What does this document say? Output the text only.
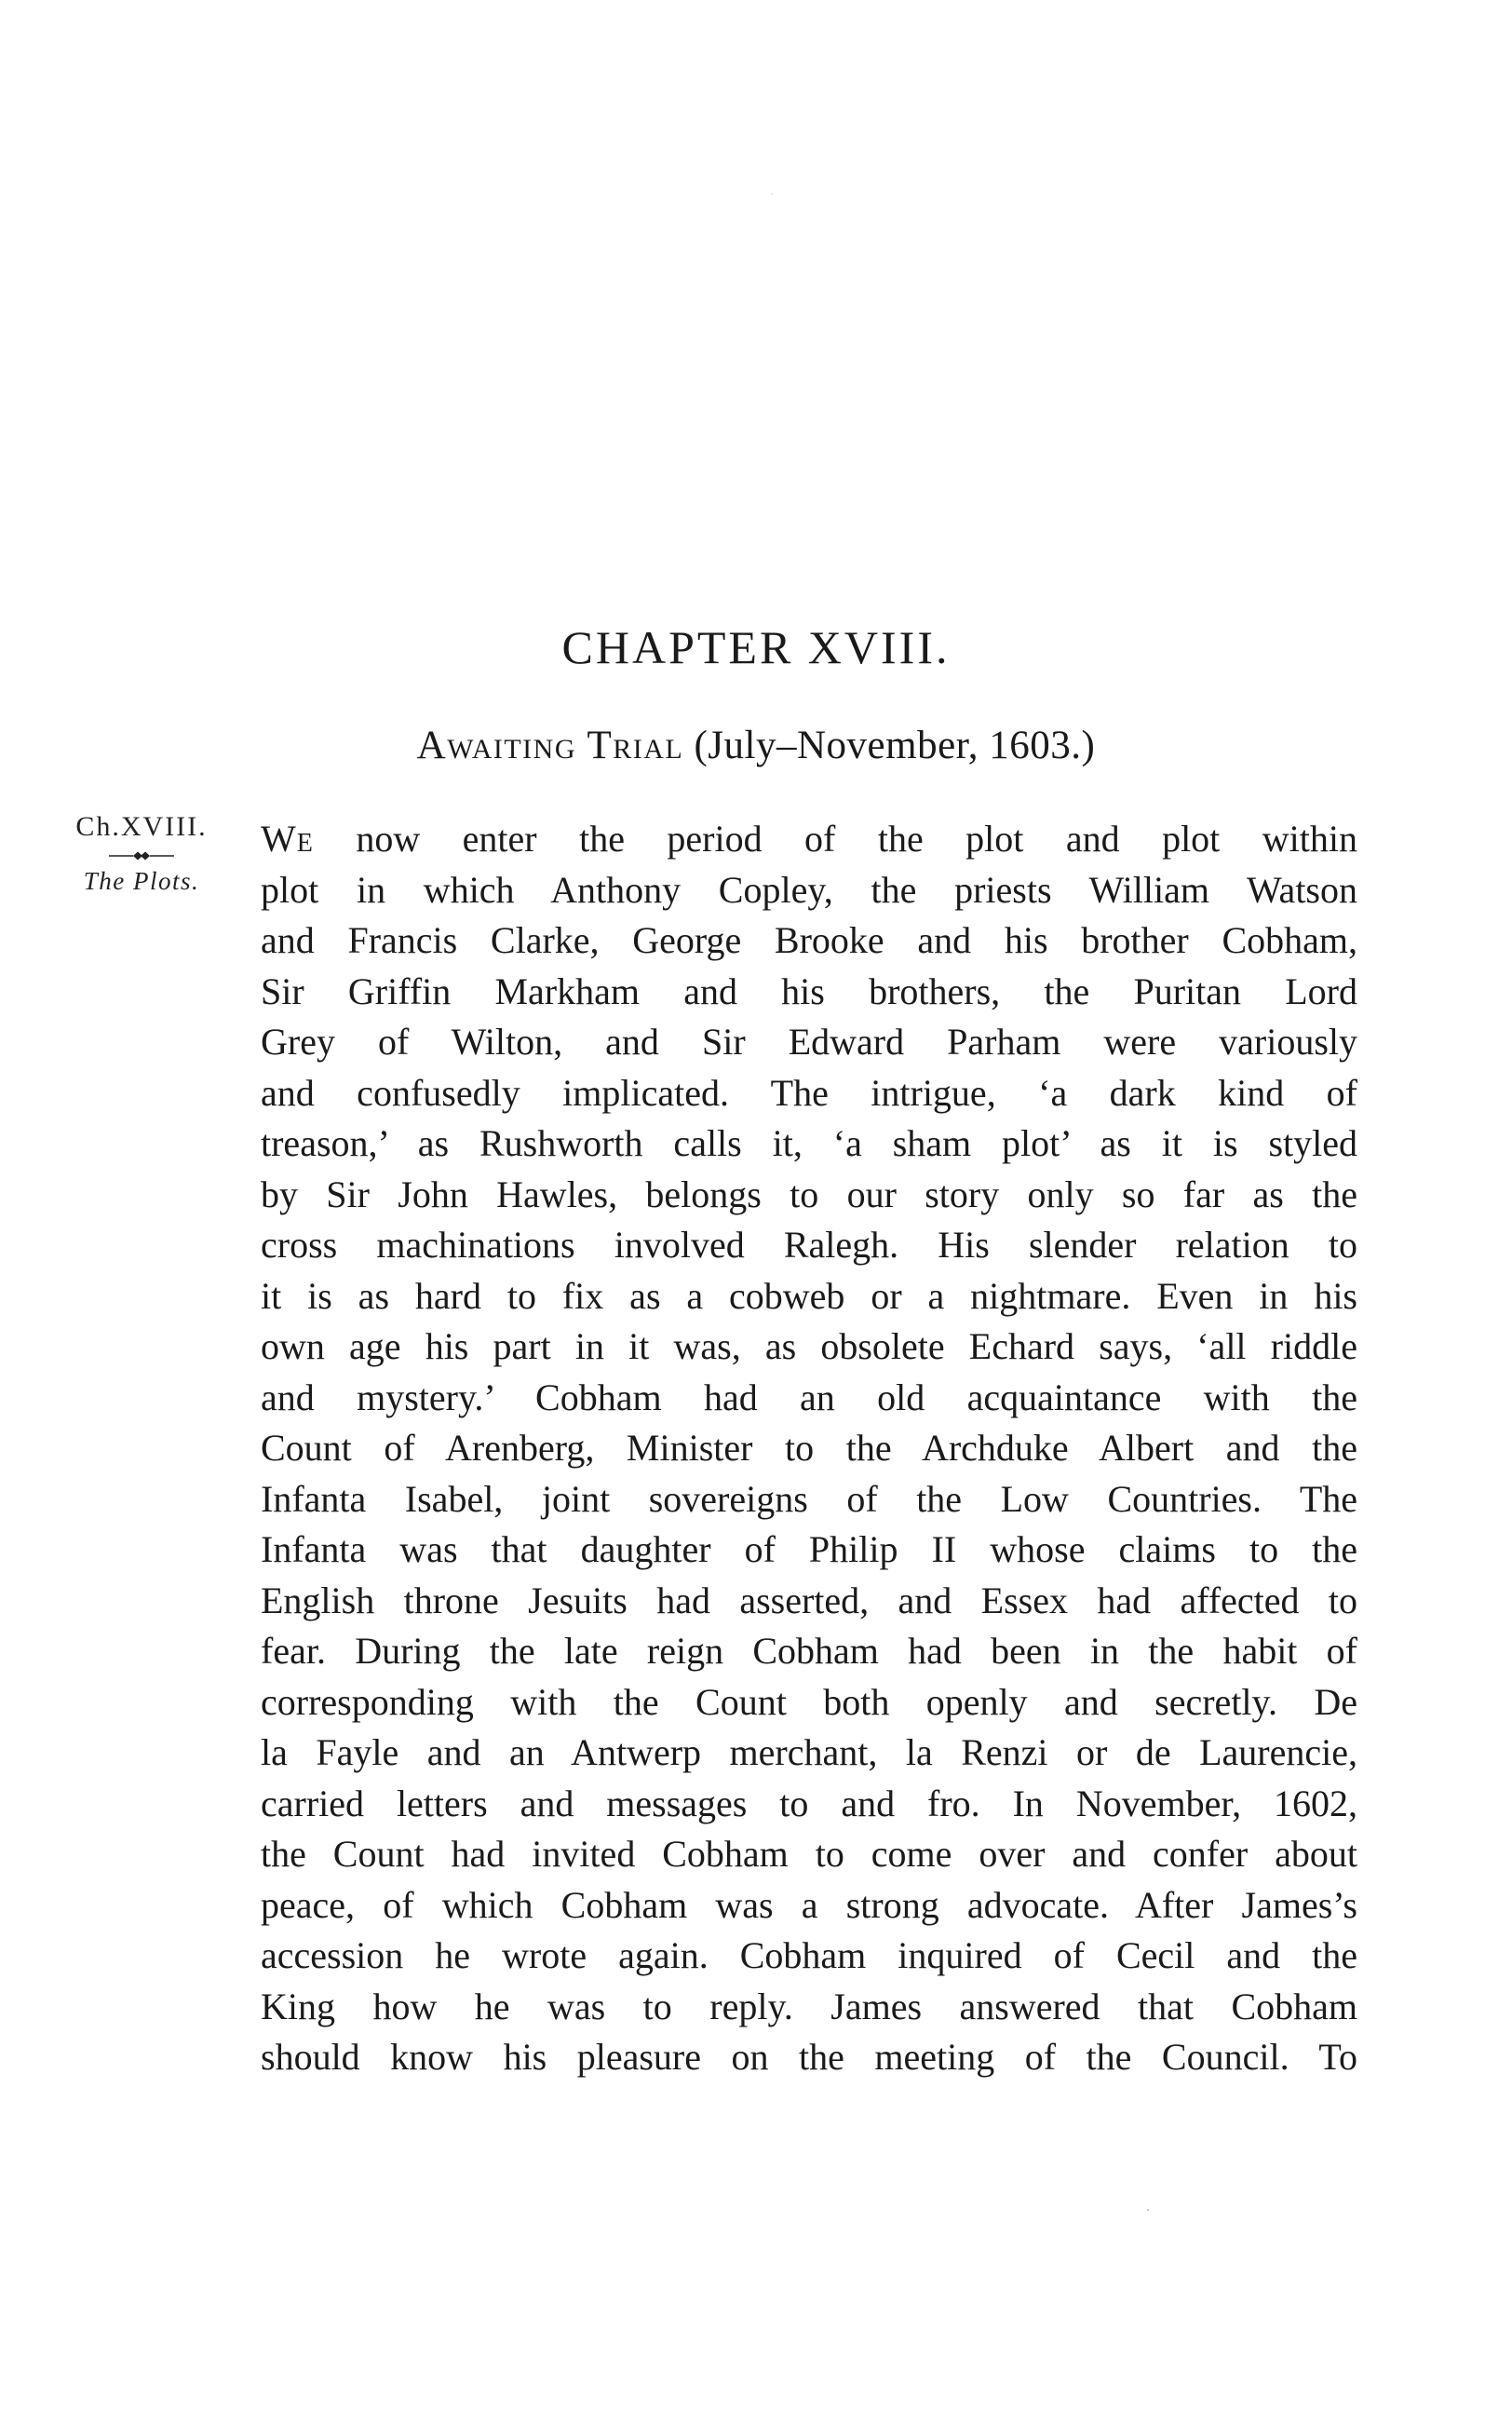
CHAPTER XVIII.
Awaiting Trial (July–November, 1603.)
Ch.XVIII.
The Plots.
We now enter the period of the plot and plot within
plot in which Anthony Copley, the priests William Watson
and Francis Clarke, George Brooke and his brother Cobham,
Sir Griffin Markham and his brothers, the Puritan Lord
Grey of Wilton, and Sir Edward Parham were variously
and confusedly implicated. The intrigue, ‘a dark kind of
treason,’ as Rushworth calls it, ‘a sham plot’ as it is styled
by Sir John Hawles, belongs to our story only so far as the
cross machinations involved Ralegh. His slender relation to
it is as hard to fix as a cobweb or a nightmare. Even in his
own age his part in it was, as obsolete Echard says, ‘all riddle
and mystery.’ Cobham had an old acquaintance with the
Count of Arenberg, Minister to the Archduke Albert and the
Infanta Isabel, joint sovereigns of the Low Countries. The
Infanta was that daughter of Philip II whose claims to the
English throne Jesuits had asserted, and Essex had affected to
fear. During the late reign Cobham had been in the habit of
corresponding with the Count both openly and secretly. De
la Fayle and an Antwerp merchant, la Renzi or de Laurencie,
carried letters and messages to and fro. In November, 1602,
the Count had invited Cobham to come over and confer about
peace, of which Cobham was a strong advocate. After James’s
accession he wrote again. Cobham inquired of Cecil and the
King how he was to reply. James answered that Cobham
should know his pleasure on the meeting of the Council. To
